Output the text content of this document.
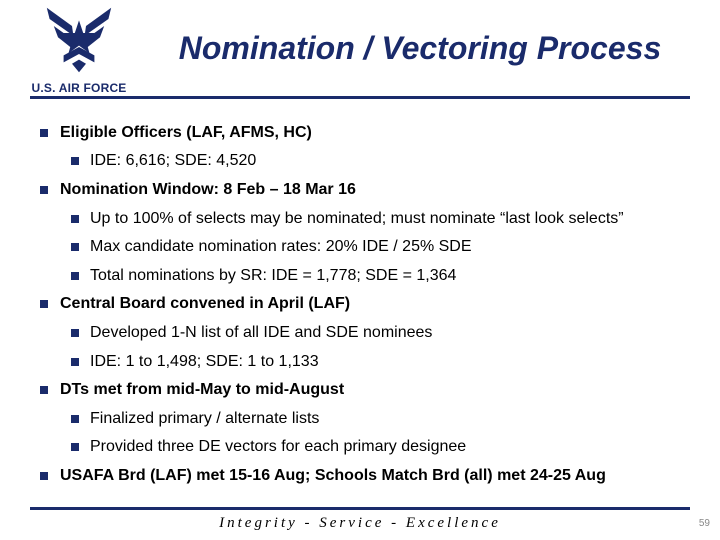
U.S. AIR FORCE
Nomination / Vectoring Process
Eligible Officers (LAF, AFMS, HC)
IDE: 6,616; SDE: 4,520
Nomination Window: 8 Feb – 18 Mar 16
Up to 100% of selects may be nominated; must nominate “last look selects”
Max candidate nomination rates: 20% IDE / 25% SDE
Total nominations by SR: IDE = 1,778; SDE = 1,364
Central Board convened in April (LAF)
Developed 1-N list of all IDE and SDE nominees
IDE: 1 to 1,498; SDE: 1 to 1,133
DTs met from mid-May to mid-August
Finalized primary / alternate lists
Provided three DE vectors for each primary designee
USAFA Brd (LAF) met 15-16 Aug; Schools Match Brd (all) met 24-25 Aug
Integrity - Service - Excellence	59
